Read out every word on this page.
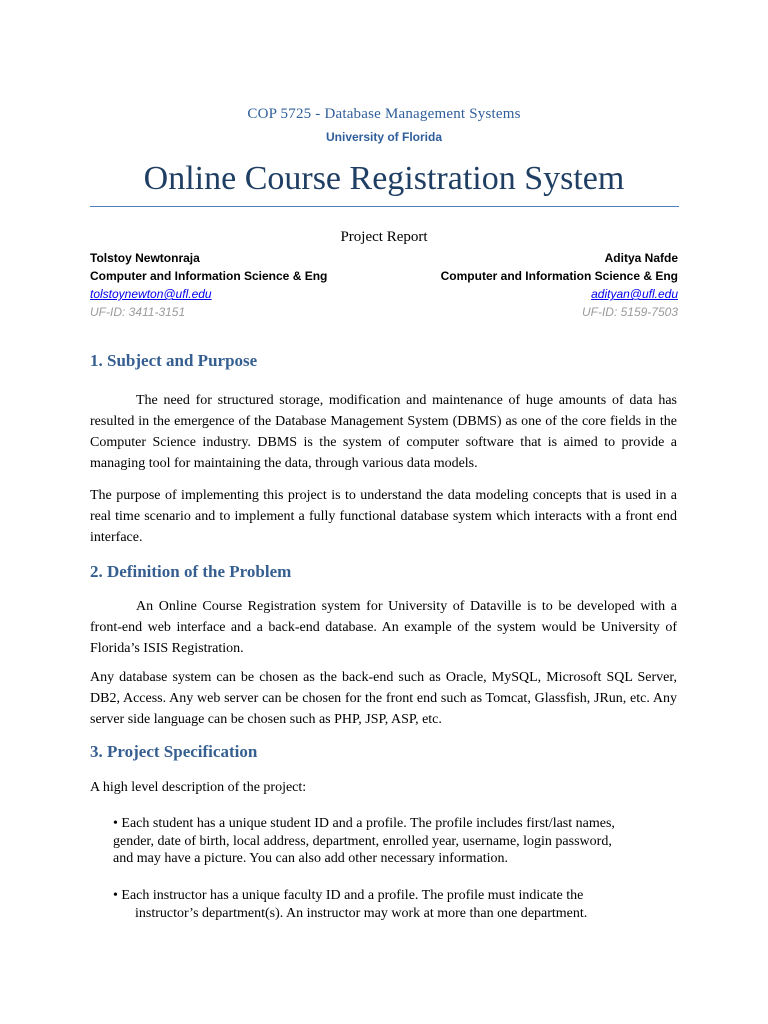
COP 5725 - Database Management Systems
University of Florida
Online Course Registration System
Project Report
Tolstoy Newtonraja	Aditya Nafde
Computer and Information Science & Eng	Computer and Information Science & Eng
tolstoynewton@ufl.edu	adityan@ufl.edu
UF-ID: 3411-3151	UF-ID: 5159-7503
1. Subject and Purpose

The need for structured storage, modification and maintenance of huge amounts of data has resulted in the emergence of the Database Management System (DBMS) as one of the core fields in the Computer Science industry. DBMS is the system of computer software that is aimed to provide a managing tool for maintaining the data, through various data models.

The purpose of implementing this project is to understand the data modeling concepts that is used in a real time scenario and to implement a fully functional database system which interacts with a front end interface.

2. Definition of the Problem

An Online Course Registration system for University of Dataville is to be developed with a front-end web interface and a back-end database. An example of the system would be University of Florida’s ISIS Registration.

Any database system can be chosen as the back-end such as Oracle, MySQL, Microsoft SQL Server, DB2, Access. Any web server can be chosen for the front end such as Tomcat, Glassfish, JRun, etc. Any server side language can be chosen such as PHP, JSP, ASP, etc.

3. Project Specification

A high level description of the project:

• Each student has a unique student ID and a profile. The profile includes first/last names,
gender, date of birth, local address, department, enrolled year, username, login password,
and may have a picture. You can also add other necessary information.
• Each instructor has a unique faculty ID and a profile. The profile must indicate the
instructor’s department(s). An instructor may work at more than one department.
